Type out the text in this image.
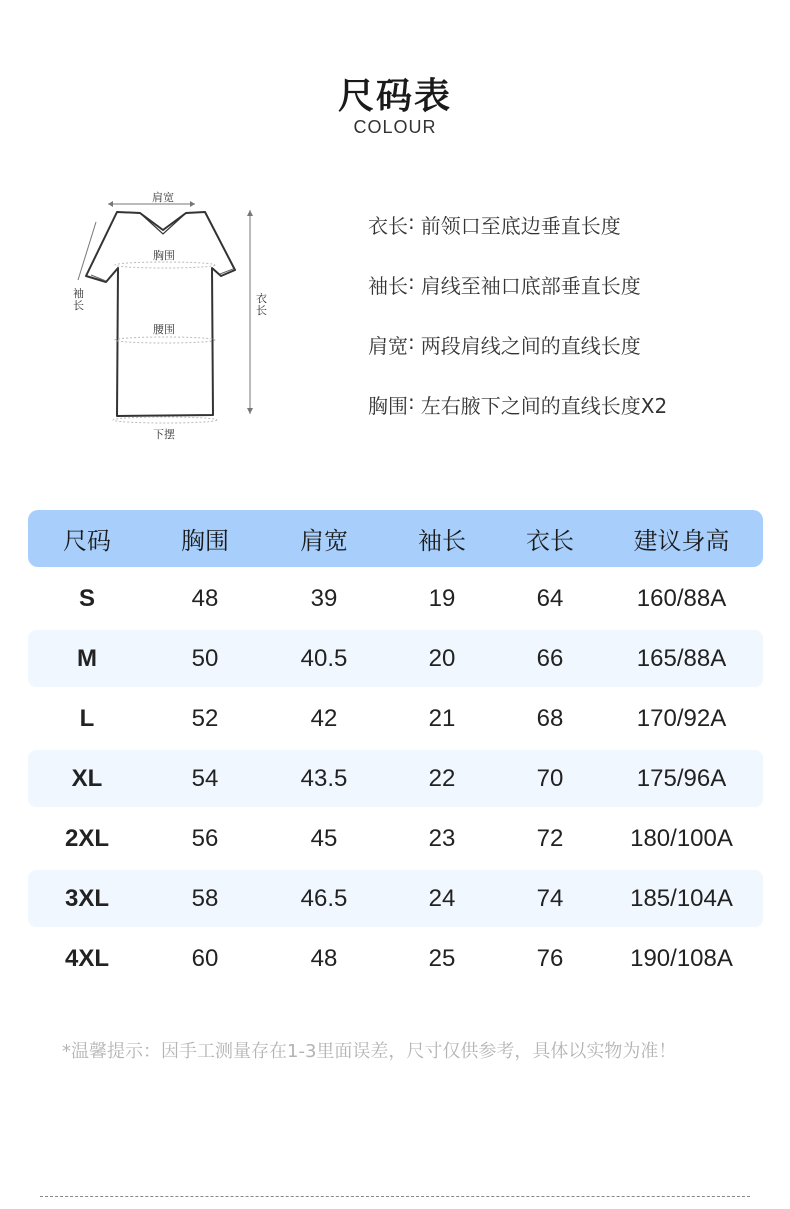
尺码表
COLOUR
肩宽
胸围
腰围
下摆
袖
长
衣
长
衣长 : 前领口至底边垂直长度
袖长 : 肩线至袖口底部垂直长度
肩宽 : 两段肩线之间的直线长度
胸围 : 左右腋下之间的直线长度X2
尺码	胸围	肩宽	袖长	衣长	建议身高
S	48	39	19	64	160/88A
M	50	40.5	20	66	165/88A
L	52	42	21	68	170/92A
XL	54	43.5	22	70	175/96A
2XL	56	45	23	72	180/100A
3XL	58	46.5	24	74	185/104A
4XL	60	48	25	76	190/108A
*温馨提示：因手工测量存在1-3里面误差，尺寸仅供参考，具体以实物为准！
